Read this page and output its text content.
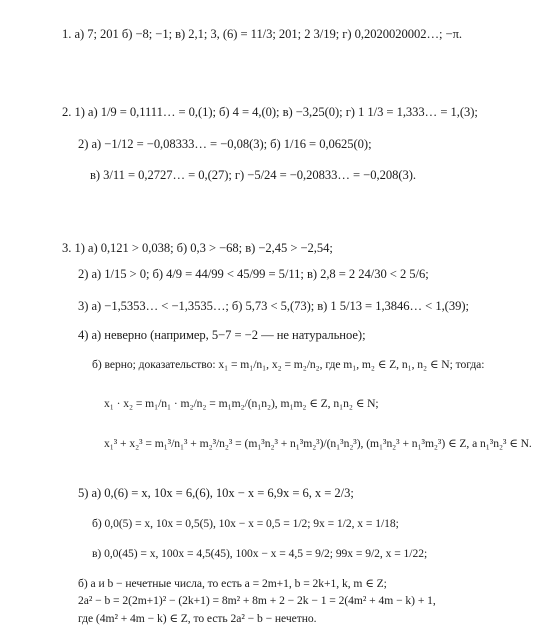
1. а) 7; 201 б) −8; −1; в) 2,1; 3, (6) = 11/3; 201; 2 3/19; г) 0,2020020002…; −π.
2. 1) а) 1/9 = 0,1111… = 0,(1); б) 4 = 4,(0); в) −3,25(0); г) 1 1/3 = 1,333… = 1,(3);
2) а) −1/12 = −0,08333… = −0,08(3); б) 1/16 = 0,0625(0);
в) 3/11 = 0,2727… = 0,(27); г) −5/24 = −0,20833… = −0,208(3).
3. 1) а) 0,121 > 0,038; б) 0,3 > −68; в) −2,45 > −2,54;
2) а) 1/15 > 0; б) 4/9 = 44/99 < 45/99 = 5/11; в) 2,8 = 2 24/30 < 2 5/6;
3) а) −1,5353… < −1,3535…; б) 5,73 < 5,(73); в) 1 5/13 = 1,3846… < 1,(39);
4) а) неверно (например, 5−7 = −2 — не натуральное);
б) верно; доказательство: x₁ = m₁/n₁, x₂ = m₂/n₂, где m₁, m₂ ∈ Z, n₁, n₂ ∈ N; тогда:
x₁ · x₂ = m₁/n₁ · m₂/n₂ = m₁m₂/(n₁n₂), m₁m₂ ∈ Z, n₁n₂ ∈ N;
x₁³ + x₂³ = m₁³/n₁³ + m₂³/n₂³ = (m₁³n₂³ + n₁³m₂³)/(n₁³n₂³), (m₁³n₂³ + n₁³m₂³) ∈ Z, а n₁³n₂³ ∈ N.
5) а) 0,(6) = x, 10x = 6,(6), 10x − x = 6,9x = 6, x = 2/3;
б) 0,0(5) = x, 10x = 0,5(5), 10x − x = 0,5 = 1/2; 9x = 1/2, x = 1/18;
в) 0,0(45) = x, 100x = 4,5(45), 100x − x = 4,5 = 9/2; 99x = 9/2, x = 1/22;
б) a и b − нечетные числа, то есть a = 2m+1, b = 2k+1, k, m ∈ Z;
2a² − b = 2(2m+1)² − (2k+1) = 8m² + 8m + 2 − 2k − 1 = 2(4m² + 4m − k) + 1,
где (4m² + 4m − k) ∈ Z, то есть 2a² − b − нечетно.
